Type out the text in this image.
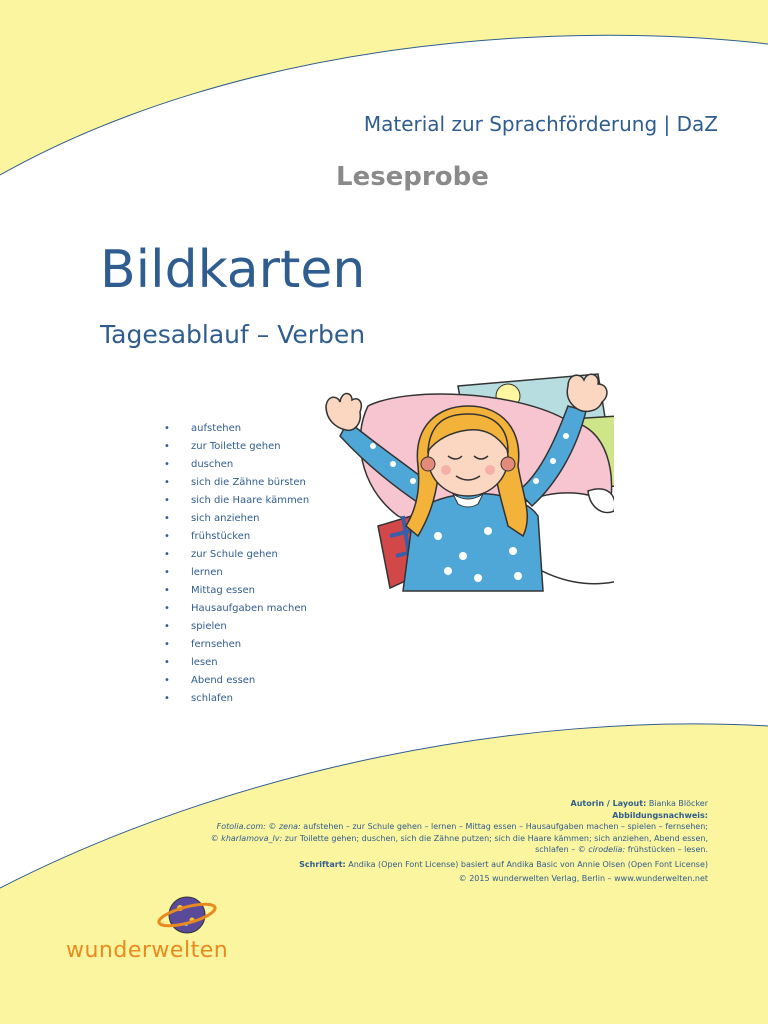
Material zur Sprachförderung | DaZ
Leseprobe
Bildkarten
Tagesablauf – Verben
• aufstehen
• zur Toilette gehen
• duschen
• sich die Zähne bürsten
• sich die Haare kämmen
• sich anziehen
• frühstücken
• zur Schule gehen
• lernen
• Mittag essen
• Hausaufgaben machen
• spielen
• fernsehen
• lesen
• Abend essen
• schlafen
Autorin / Layout: Bianka Blöcker
Abbildungsnachweis:
Fotolia.com: © zena: aufstehen – zur Schule gehen – lernen – Mittag essen – Hausaufgaben machen – spielen – fernsehen;
© kharlamova_lv: zur Toilette gehen; duschen, sich die Zähne putzen; sich die Haare kämmen; sich anziehen, Abend essen,
schlafen – © cirodelia: frühstücken – lesen.
Schriftart: Andika (Open Font License) basiert auf Andika Basic von Annie Olsen (Open Font License)
© 2015 wunderwelten Verlag, Berlin – www.wunderwelten.net
wunderwelten
